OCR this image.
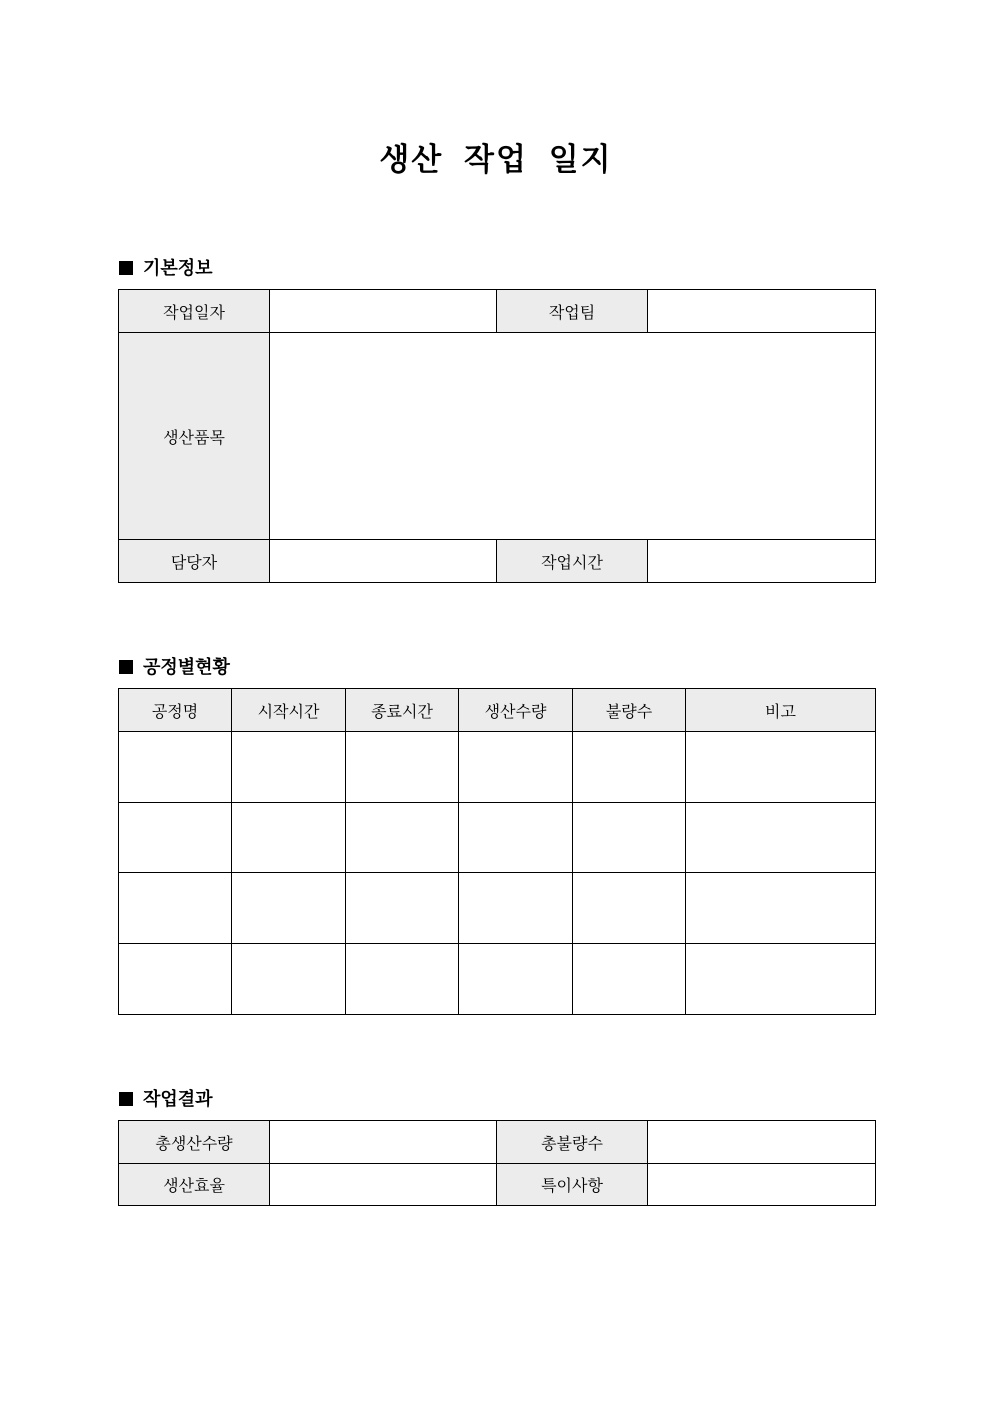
생산 작업 일지
기본정보
작업일자		작업팀	
생산품목			
담당자		작업시간	
공정별현황
공정명	시작시간	종료시간	생산수량	불량수	비고

작업결과
총생산수량		총불량수	
생산효율		특이사항	
